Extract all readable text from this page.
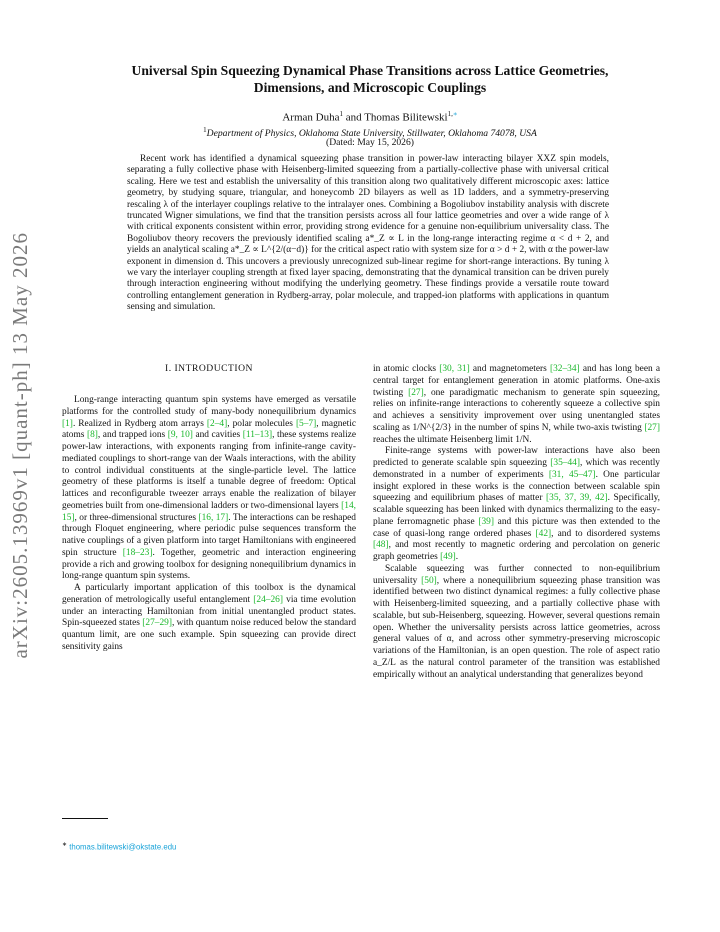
arXiv:2605.13969v1 [quant-ph] 13 May 2026
Universal Spin Squeezing Dynamical Phase Transitions across Lattice Geometries,
Dimensions, and Microscopic Couplings
Arman Duha$^1$ and Thomas Bilitewski$^{1,∗}$
$^1$Department of Physics, Oklahoma State University, Stillwater, Oklahoma 74078, USA
(Dated: May 15, 2026)

Recent work has identified a dynamical squeezing phase transition in power-law interacting bilayer XXZ spin models, separating a fully collective phase with Heisenberg-limited squeezing from a partially-collective phase with universal critical scaling. Here we test and establish the universality of this transition along two qualitatively different microscopic axes: lattice geometry, by studying square, triangular, and honeycomb 2D bilayers as well as 1D ladders, and a symmetry-preserving rescaling λ of the interlayer couplings relative to the intralayer ones. Combining a Bogoliubov instability analysis with discrete truncated Wigner simulations, we find that the transition persists across all four lattice geometries and over a wide range of λ with critical exponents consistent within error, providing strong evidence for a genuine non-equilibrium universality class. The Bogoliubov theory recovers the previously identified scaling a*_Z ∝ L in the long-range interacting regime α < d + 2, and yields an analytical scaling a*_Z ∝ L^{2/(α−d)} for the critical aspect ratio with system size for α > d + 2, with α the power-law exponent in dimension d. This uncovers a previously unrecognized sub-linear regime for short-range interactions. By tuning λ we vary the interlayer coupling strength at fixed layer spacing, demonstrating that the dynamical transition can be driven purely through interaction engineering without modifying the underlying geometry. These findings provide a versatile route toward controlling entanglement generation in Rydberg-array, polar molecule, and trapped-ion platforms with applications in quantum sensing and simulation.

I. INTRODUCTION

Long-range interacting quantum spin systems have emerged as versatile platforms for the controlled study of many-body nonequilibrium dynamics [1]. Realized in Rydberg atom arrays [2–4], polar molecules [5–7], magnetic atoms [8], and trapped ions [9, 10] and cavities [11–13], these systems realize power-law interactions, with exponents ranging from infinite-range cavity-mediated couplings to short-range van der Waals interactions, with the ability to control individual constituents at the single-particle level. The lattice geometry of these platforms is itself a tunable degree of freedom: Optical lattices and reconfigurable tweezer arrays enable the realization of bilayer geometries built from one-dimensional ladders or two-dimensional layers [14, 15], or three-dimensional structures [16, 17]. The interactions can be reshaped through Floquet engineering, where periodic pulse sequences transform the native couplings of a given platform into target Hamiltonians with engineered spin structure [18–23]. Together, geometric and interaction engineering provide a rich and growing toolbox for designing nonequilibrium dynamics in long-range quantum spin systems.

A particularly important application of this toolbox is the dynamical generation of metrologically useful entanglement [24–26] via time evolution under an interacting Hamiltonian from initial unentangled product states. Spin-squeezed states [27–29], with quantum noise reduced below the standard quantum limit, are one such example. Spin squeezing can provide direct sensitivity gains

in atomic clocks [30, 31] and magnetometers [32–34] and has long been a central target for entanglement generation in atomic platforms. One-axis twisting [27], one paradigmatic mechanism to generate spin squeezing, relies on infinite-range interactions to coherently squeeze a collective spin and achieves a sensitivity improvement over using unentangled states scaling as 1/N^{2/3} in the number of spins N, while two-axis twisting [27] reaches the ultimate Heisenberg limit 1/N.

Finite-range systems with power-law interactions have also been predicted to generate scalable spin squeezing [35–44], which was recently demonstrated in a number of experiments [31, 45–47]. One particular insight explored in these works is the connection between scalable spin squeezing and equilibrium phases of matter [35, 37, 39, 42]. Specifically, scalable squeezing has been linked with dynamics thermalizing to the easy-plane ferromagnetic phase [39] and this picture was then extended to the case of quasi-long range ordered phases [42], and to disordered systems [48], and most recently to magnetic ordering and percolation on generic graph geometries [49].

Scalable squeezing was further connected to non-equilibrium universality [50], where a nonequilibrium squeezing phase transition was identified between two distinct dynamical regimes: a fully collective phase with Heisenberg-limited squeezing, and a partially collective phase with scalable, but sub-Heisenberg, squeezing. However, several questions remain open. Whether the universality persists across lattice geometries, across general values of α, and across other symmetry-preserving microscopic variations of the Hamiltonian, is an open question. The role of aspect ratio a_Z/L as the natural control parameter of the transition was established empirically without an analytical understanding that generalizes beyond

∗ thomas.bilitewski@okstate.edu
